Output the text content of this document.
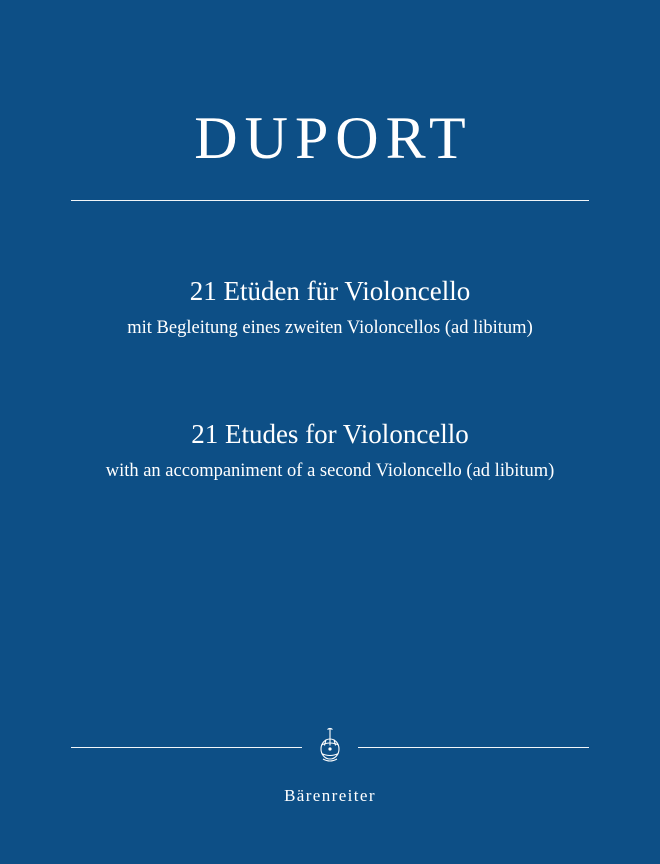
DUPORT
21 Etüden für Violoncello
mit Begleitung eines zweiten Violoncellos (ad libitum)
21 Etudes for Violoncello
with an accompaniment of a second Violoncello (ad libitum)
Bärenreiter
